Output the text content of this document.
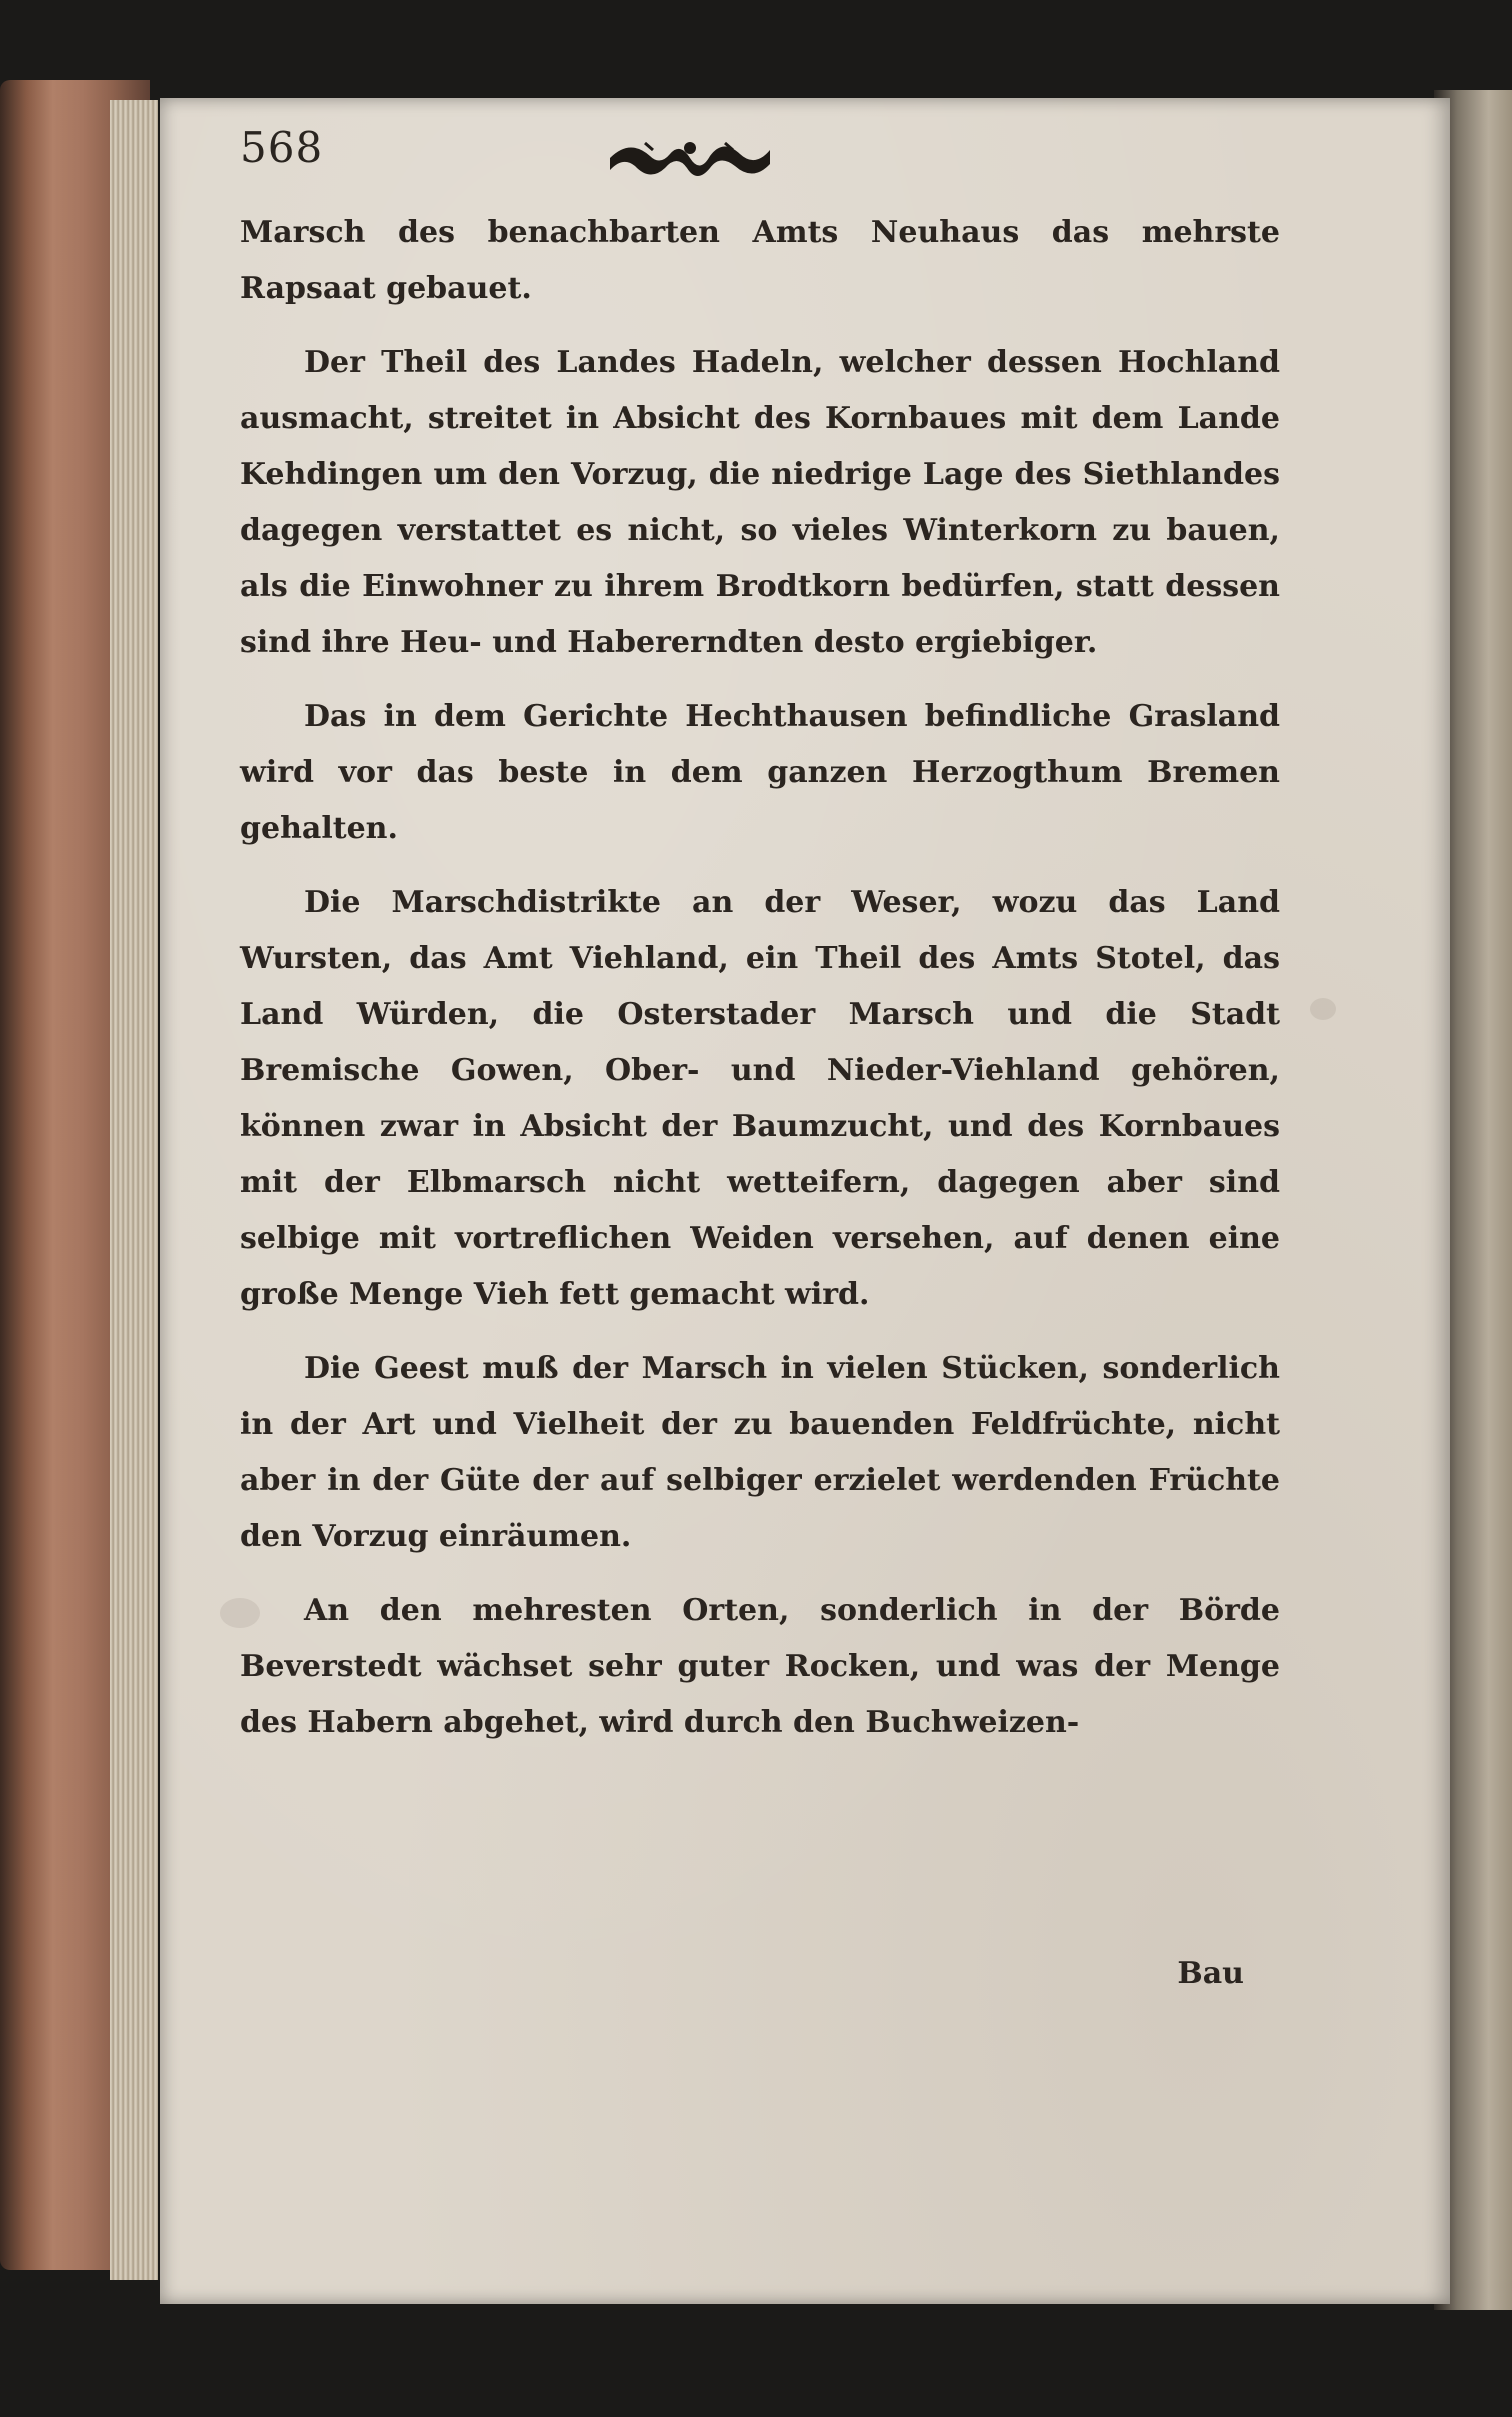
568

Marsch des benachbarten Amts Neuhaus das mehrste Rapsaat gebauet.

Der Theil des Landes Hadeln, welcher dessen Hochland ausmacht, streitet in Absicht des Kornbaues mit dem Lande Kehdingen um den Vorzug, die niedrige Lage des Siethlandes dagegen verstattet es nicht, so vieles Winterkorn zu bauen, als die Einwohner zu ihrem Brodtkorn bedürfen, statt dessen sind ihre Heu- und Habererndten desto ergiebiger.

Das in dem Gerichte Hechthausen befindliche Grasland wird vor das beste in dem ganzen Herzogthum Bremen gehalten.

Die Marschdistrikte an der Weser, wozu das Land Wursten, das Amt Viehland, ein Theil des Amts Stotel, das Land Würden, die Osterstader Marsch und die Stadt Bremische Gowen, Ober- und Nieder-Viehland gehören, können zwar in Absicht der Baumzucht, und des Kornbaues mit der Elbmarsch nicht wetteifern, dagegen aber sind selbige mit vortreflichen Weiden versehen, auf denen eine große Menge Vieh fett gemacht wird.

Die Geest muß der Marsch in vielen Stücken, sonderlich in der Art und Vielheit der zu bauenden Feldfrüchte, nicht aber in der Güte der auf selbiger erzielet werdenden Früchte den Vorzug einräumen.

An den mehresten Orten, sonderlich in der Börde Beverstedt wächset sehr guter Rocken, und was der Menge des Habern abgehet, wird durch den Buchweizen-

Bau
